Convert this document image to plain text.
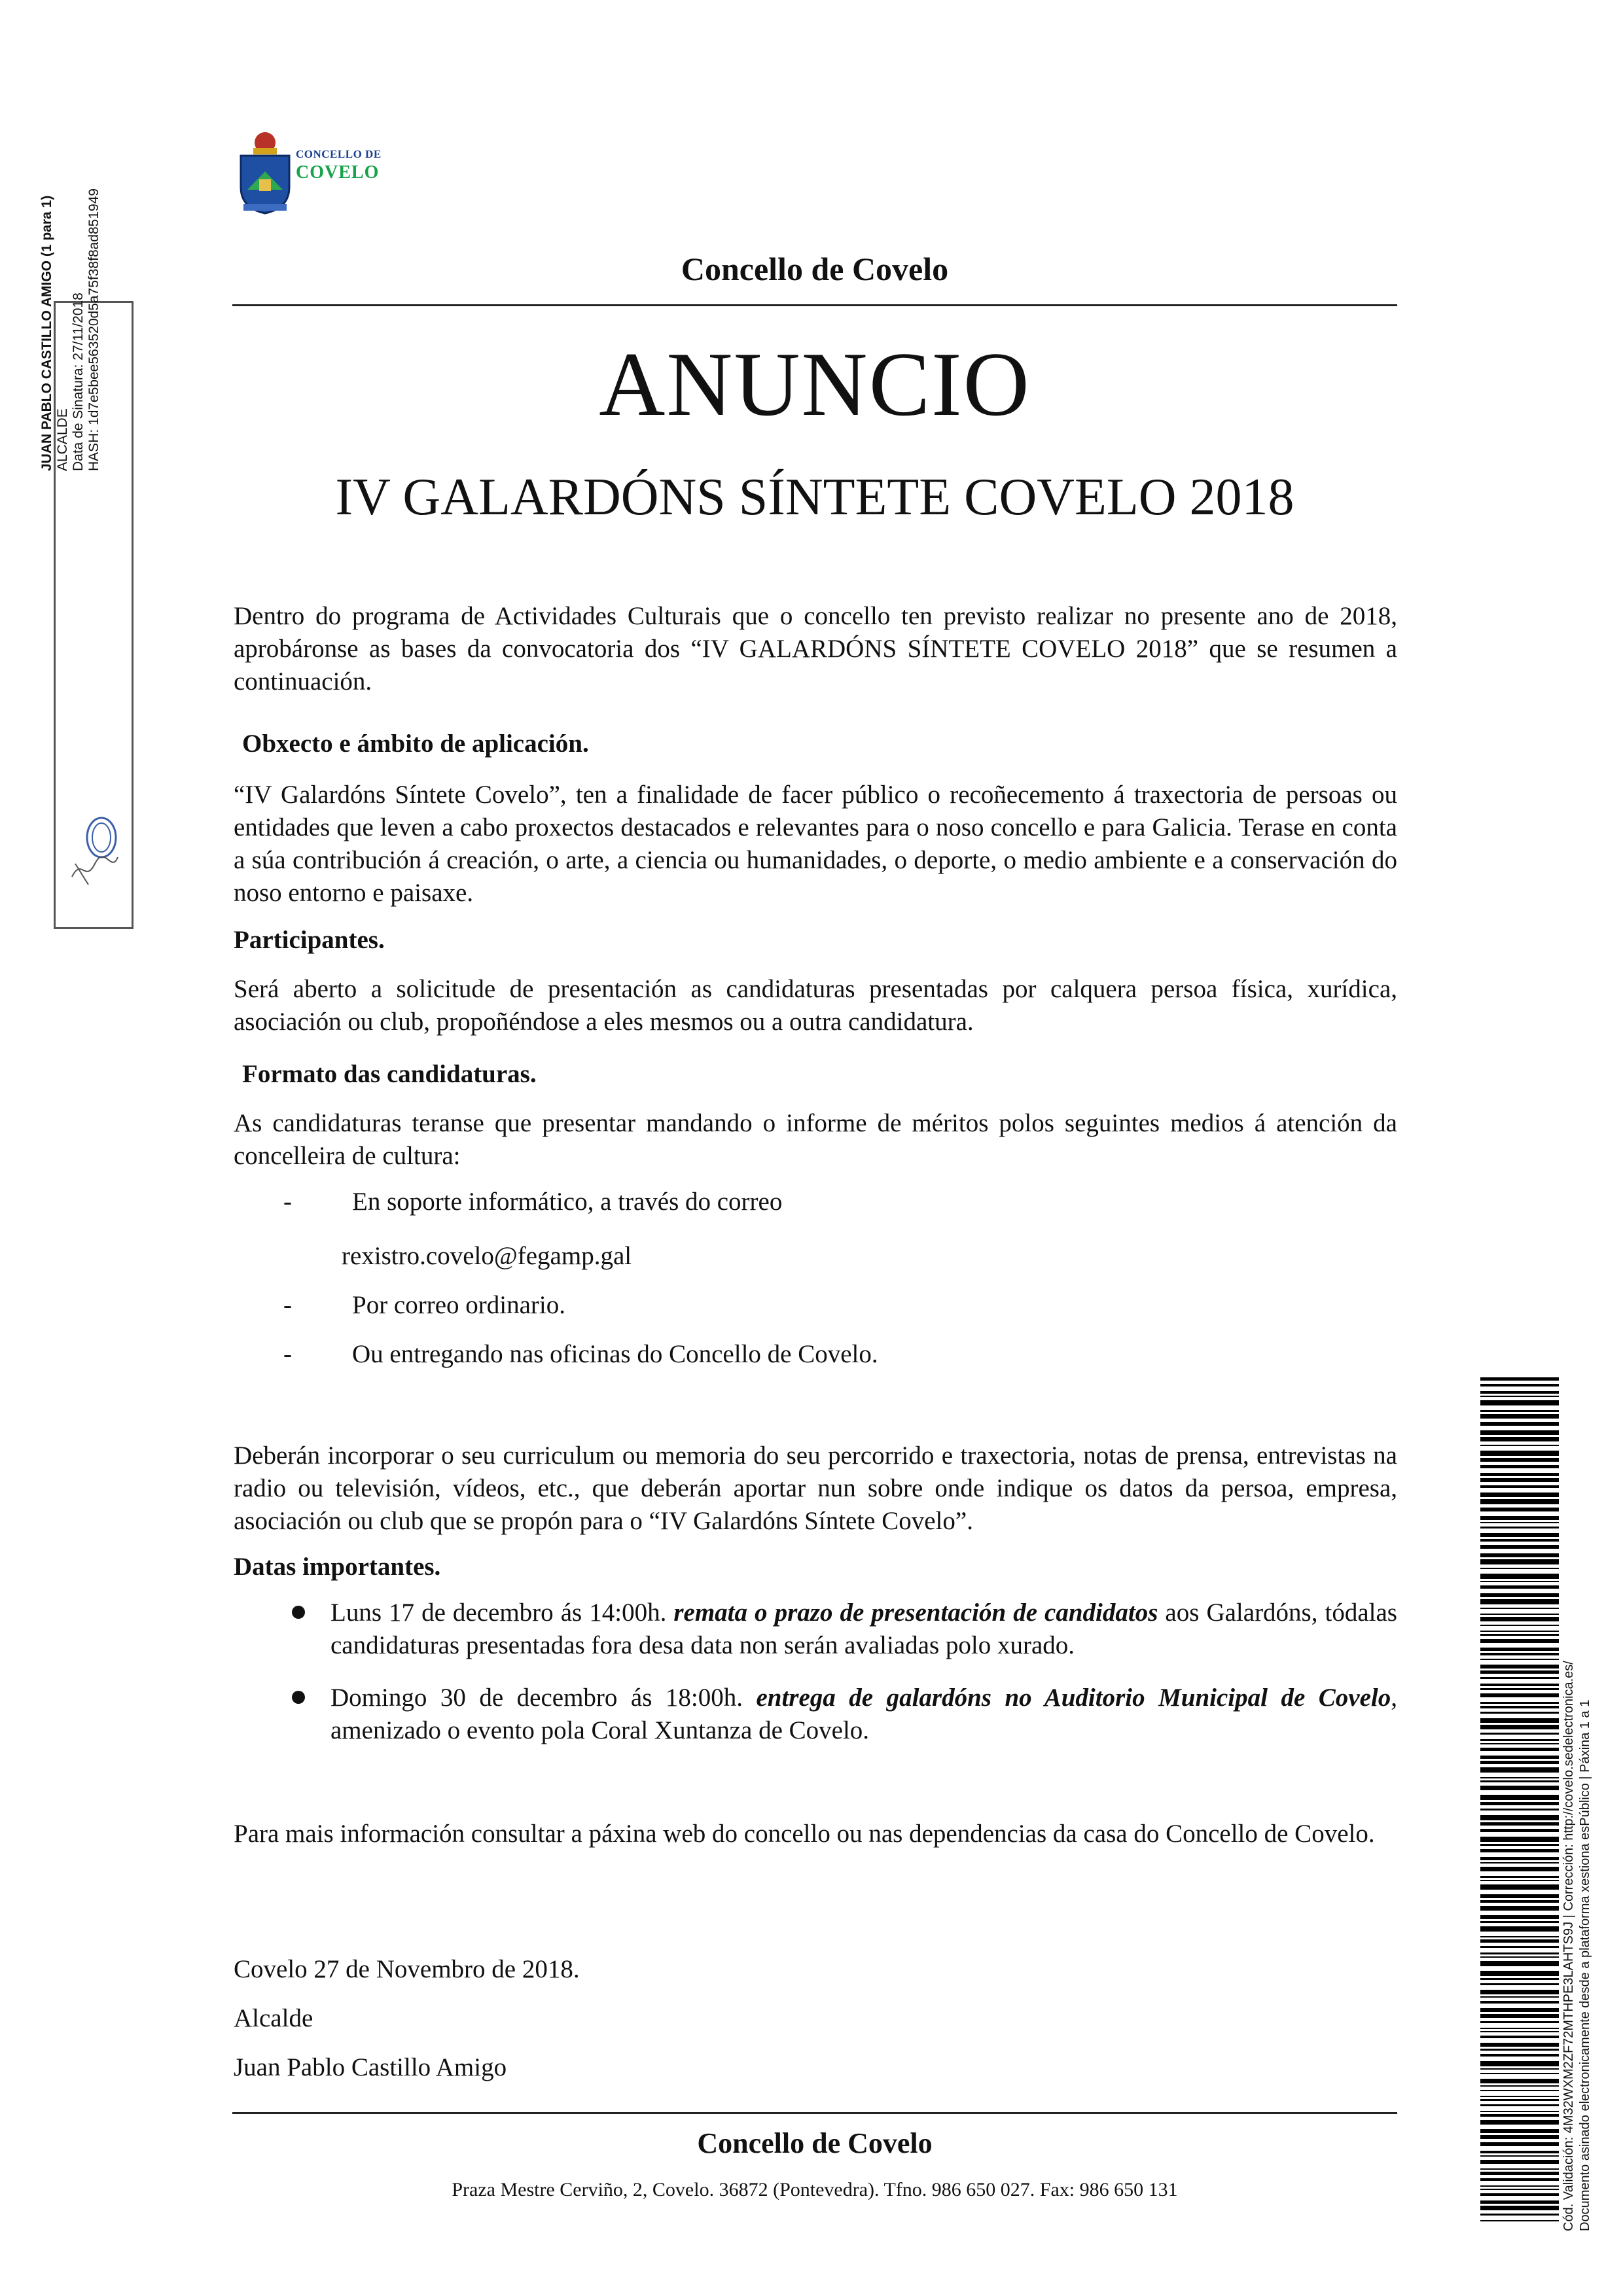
CONCELLO DE
COVELO
Concello de Covelo
ANUNCIO
IV GALARDÓNS SÍNTETE COVELO 2018
Dentro do programa de Actividades Culturais que o concello ten previsto realizar no presente ano de 2018, aprobáronse as bases da convocatoria dos “IV GALARDÓNS SÍNTETE COVELO 2018” que se resumen a continuación.
Obxecto e ámbito de aplicación.
“IV Galardóns Síntete Covelo”, ten a finalidade de facer público o recoñecemento á traxectoria de persoas ou entidades que leven a cabo proxectos destacados e relevantes para o noso concello e para Galicia. Terase en conta a súa contribución á creación, o arte, a ciencia ou humanidades, o deporte, o medio ambiente e a conservación do noso entorno e paisaxe.
Participantes.
Será aberto a solicitude de presentación as candidaturas presentadas por calquera persoa física, xurídica, asociación ou club, propoñéndose a eles mesmos ou a outra candidatura.
Formato das candidaturas.
As candidaturas teranse que presentar mandando o informe de méritos polos seguintes medios á atención da concelleira de cultura:
- En soporte informático, a través do correo
rexistro.covelo@fegamp.gal
- Por correo ordinario.
- Ou entregando nas oficinas do Concello de Covelo.
Deberán incorporar o seu curriculum ou memoria do seu percorrido e traxectoria, notas de prensa, entrevistas na radio ou televisión, vídeos, etc., que deberán aportar nun sobre onde indique os datos da persoa, empresa, asociación ou club que se propón para o “IV Galardóns Síntete Covelo”.
Datas importantes.
Luns 17 de decembro ás 14:00h. remata o prazo de presentación de candidatos aos Galardóns, tódalas candidaturas presentadas fora desa data non serán avaliadas polo xurado.
Domingo 30 de decembro ás 18:00h. entrega de galardóns no Auditorio Municipal de Covelo, amenizado o evento pola Coral Xuntanza de Covelo.
Para mais información consultar a páxina web do concello ou nas dependencias da casa do Concello de Covelo.
Covelo 27 de Novembro de 2018.
Alcalde
Juan Pablo Castillo Amigo
Concello de Covelo
Praza Mestre Cerviño, 2, Covelo. 36872 (Pontevedra). Tfno. 986 650 027. Fax: 986 650 131
JUAN PABLO CASTILLO AMIGO (1 para 1) ALCALDE Data de Sinatura: 27/11/2018 HASH: 1d7e5bee563520d5a75f38f8ad851949
Cód. Validación: 4M32WXM2ZF72MTHPE3LAHTS9J | Corrección: http://covelo.sedelectronica.es/ Documento asinado electronicamente desde a plataforma xestiona esPúblico | Páxina 1 a 1
